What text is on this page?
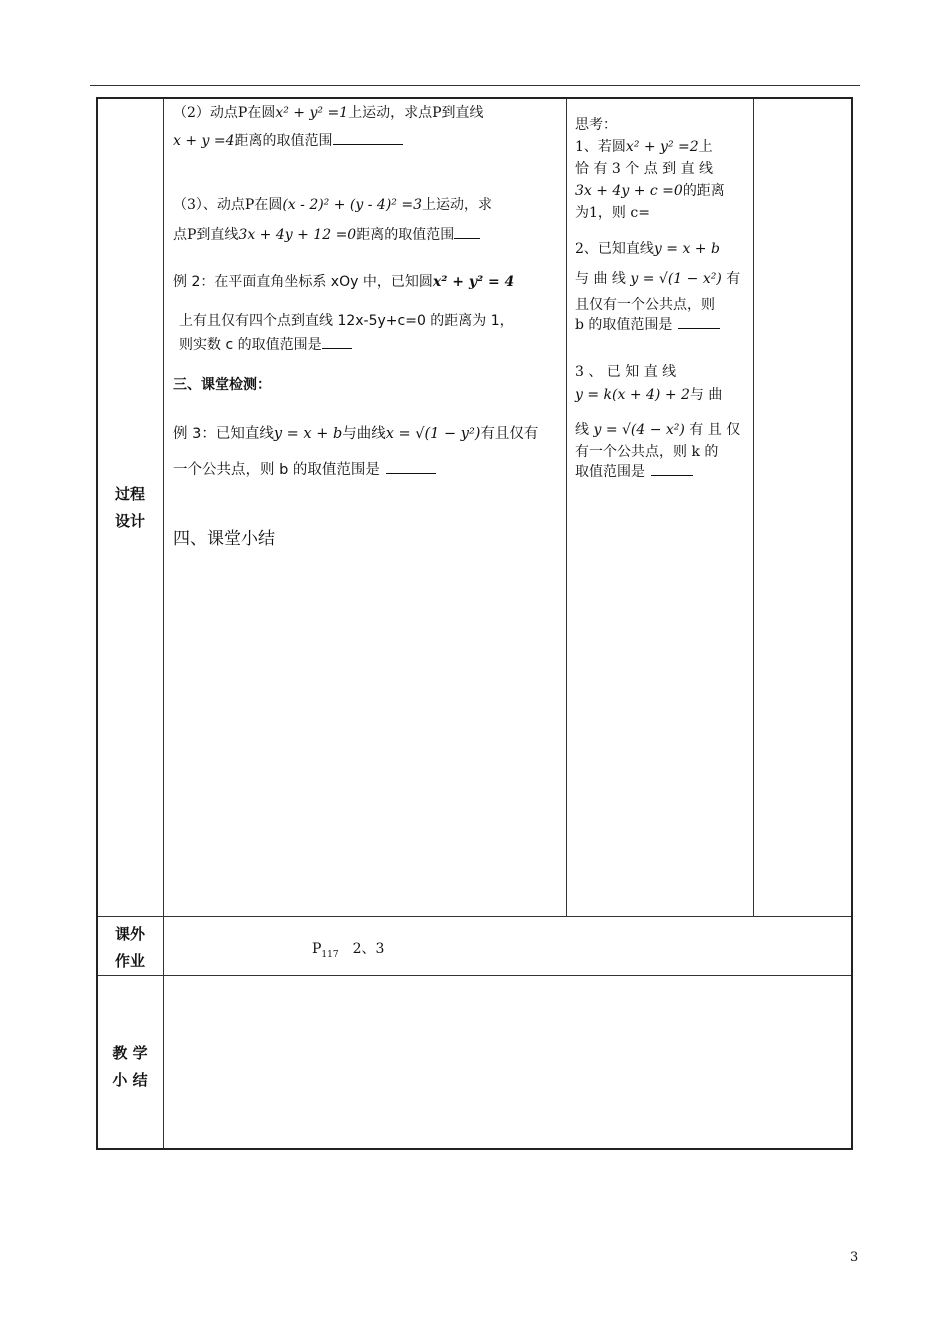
过程
设计
课外
作业
教 学
小 结
（2）动点P在圆x² + y² =1上运动，求点P到直线
x + y =4距离的取值范围
（3）、动点P在圆(x - 2)² + (y - 4)² =3上运动，求
点P到直线3x + 4y + 12 =0距离的取值范围
例 2：在平面直角坐标系 xOy 中，已知圆x² + y² = 4
上有且仅有四个点到直线 12x-5y+c=0 的距离为 1，
则实数 c 的取值范围是
三、课堂检测：
例 3：已知直线y = x + b与曲线x = √(1 − y²)有且仅有
一个公共点，则 b 的取值范围是
四、课堂小结
思考：
1、若圆x² + y² =2上
恰 有 3 个 点 到 直 线
3x + 4y + c =0的距离
为1，则 c=
2、已知直线y = x + b
与 曲 线 y = √(1 − x²) 有
且仅有一个公共点，则
b 的取值范围是
3 、 已 知 直 线
y = k(x + 4) + 2与 曲
线 y = √(4 − x²) 有 且 仅
有一个公共点，则 k 的
取值范围是
$P_{117}$ 2、3
3
